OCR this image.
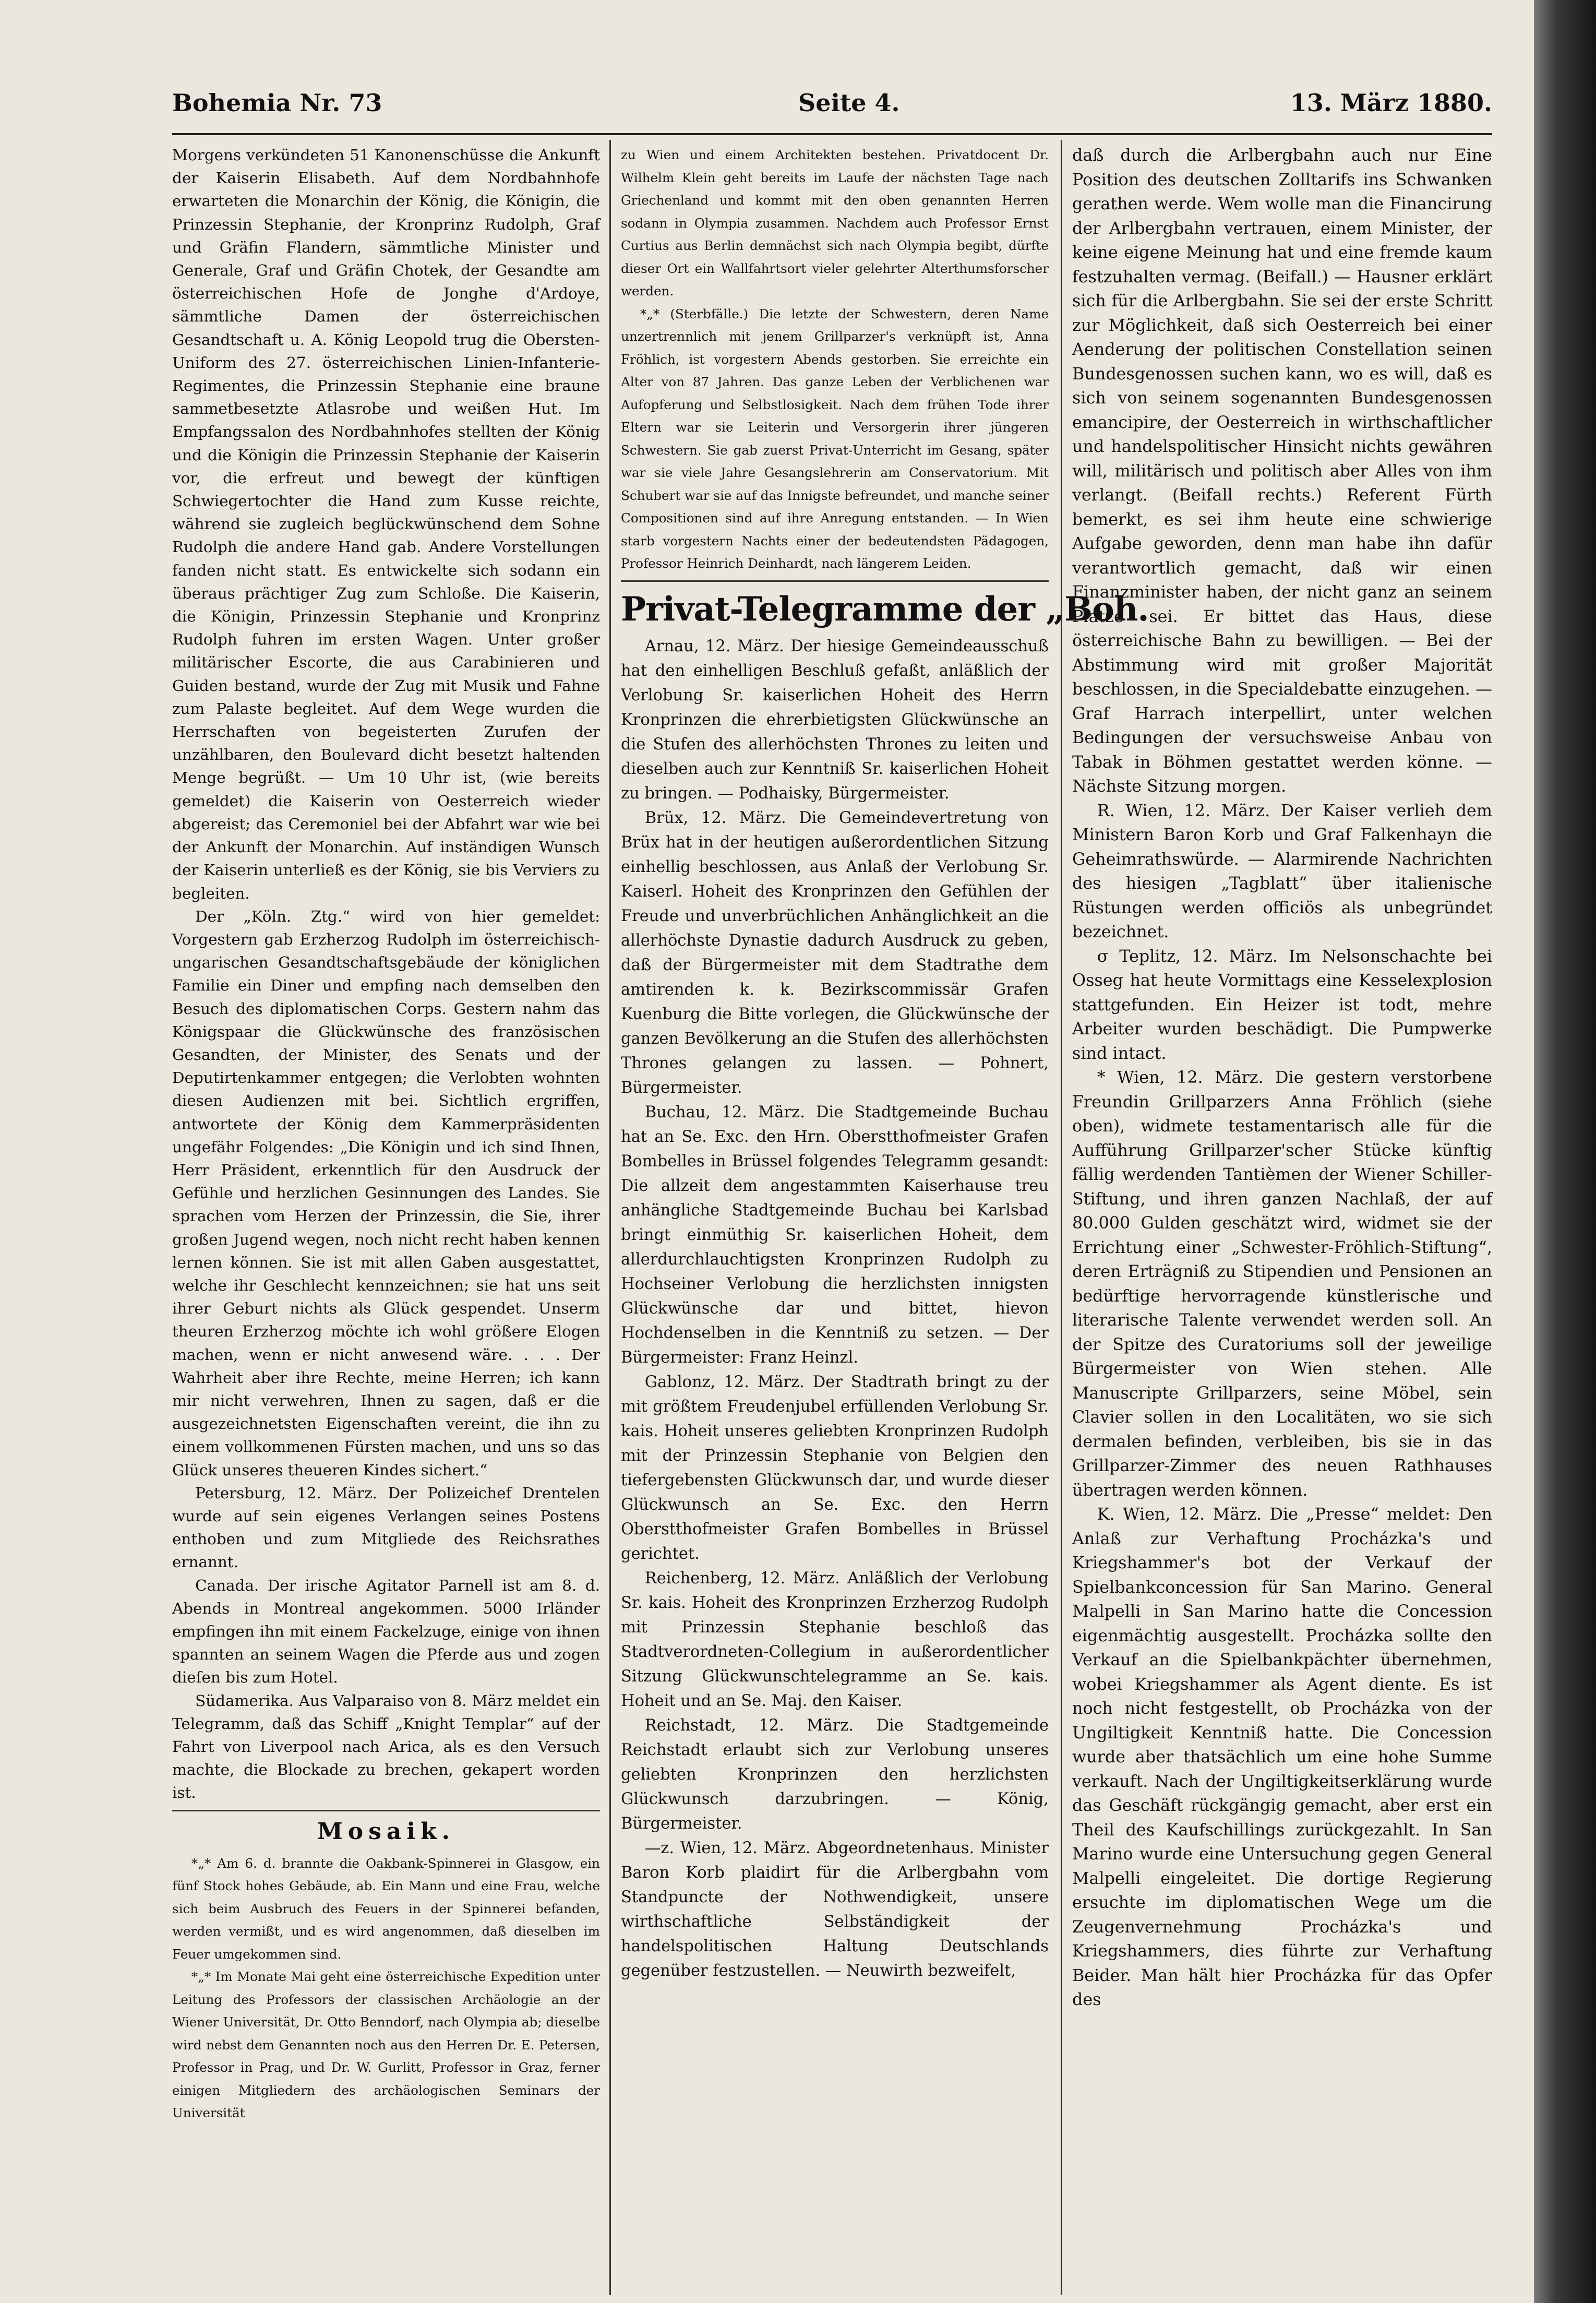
Bohemia Nr. 73	Seite 4.	13. März 1880.

Morgens verkündeten 51 Kanonenschüsse die Ankunft der Kaiserin Elisabeth. Auf dem Nordbahnhofe erwarteten die Monarchin der König, die Königin, die Prinzessin Stephanie, der Kronprinz Rudolph, Graf und Gräfin Flandern, sämmtliche Minister und Generale, Graf und Gräfin Chotek, der Gesandte am österreichischen Hofe de Jonghe d'Ardoye, sämmtliche Damen der österreichischen Gesandtschaft u. A. König Leopold trug die Obersten-Uniform des 27. österreichischen Linien-Infanterie-Regimentes, die Prinzessin Stephanie eine braune sammetbesetzte Atlasrobe und weißen Hut. Im Empfangssalon des Nordbahnhofes stellten der König und die Königin die Prinzessin Stephanie der Kaiserin vor, die erfreut und bewegt der künftigen Schwiegertochter die Hand zum Kusse reichte, während sie zugleich beglückwünschend dem Sohne Rudolph die andere Hand gab. Andere Vorstellungen fanden nicht statt. Es entwickelte sich sodann ein überaus prächtiger Zug zum Schloße. Die Kaiserin, die Königin, Prinzessin Stephanie und Kronprinz Rudolph fuhren im ersten Wagen. Unter großer militärischer Escorte, die aus Carabinieren und Guiden bestand, wurde der Zug mit Musik und Fahne zum Palaste begleitet. Auf dem Wege wurden die Herrschaften von begeisterten Zurufen der unzählbaren, den Boulevard dicht besetzt haltenden Menge begrüßt. — Um 10 Uhr ist, (wie bereits gemeldet) die Kaiserin von Oesterreich wieder abgereist; das Ceremoniel bei der Abfahrt war wie bei der Ankunft der Monarchin. Auf inständigen Wunsch der Kaiserin unterließ es der König, sie bis Verviers zu begleiten.

Der „Köln. Ztg.“ wird von hier gemeldet: Vorgestern gab Erzherzog Rudolph im österreichisch-ungarischen Gesandtschaftsgebäude der königlichen Familie ein Diner und empfing nach demselben den Besuch des diplomatischen Corps. Gestern nahm das Königspaar die Glückwünsche des französischen Gesandten, der Minister, des Senats und der Deputirtenkammer entgegen; die Verlobten wohnten diesen Audienzen mit bei. Sichtlich ergriffen, antwortete der König dem Kammerpräsidenten ungefähr Folgendes: „Die Königin und ich sind Ihnen, Herr Präsident, erkenntlich für den Ausdruck der Gefühle und herzlichen Gesinnungen des Landes. Sie sprachen vom Herzen der Prinzessin, die Sie, ihrer großen Jugend wegen, noch nicht recht haben kennen lernen können. Sie ist mit allen Gaben ausgestattet, welche ihr Geschlecht kennzeichnen; sie hat uns seit ihrer Geburt nichts als Glück gespendet. Unserm theuren Erzherzog möchte ich wohl größere Elogen machen, wenn er nicht anwesend wäre. . . . Der Wahrheit aber ihre Rechte, meine Herren; ich kann mir nicht verwehren, Ihnen zu sagen, daß er die ausgezeichnetsten Eigenschaften vereint, die ihn zu einem vollkommenen Fürsten machen, und uns so das Glück unseres theueren Kindes sichert.“

Petersburg, 12. März. Der Polizeichef Drentelen wurde auf sein eigenes Verlangen seines Postens enthoben und zum Mitgliede des Reichsrathes ernannt.

Canada. Der irische Agitator Parnell ist am 8. d. Abends in Montreal angekommen. 5000 Irländer empfingen ihn mit einem Fackelzuge, einige von ihnen spannten an seinem Wagen die Pferde aus und zogen dieſen bis zum Hotel.

Südamerika. Aus Valparaiso von 8. März meldet ein Telegramm, daß das Schiff „Knight Templar“ auf der Fahrt von Liverpool nach Arica, als es den Versuch machte, die Blockade zu brechen, gekapert worden ist.

Mosaik.

*„* Am 6. d. brannte die Oakbank-Spinnerei in Glasgow, ein fünf Stock hohes Gebäude, ab. Ein Mann und eine Frau, welche sich beim Ausbruch des Feuers in der Spinnerei befanden, werden vermißt, und es wird angenommen, daß dieselben im Feuer umgekommen sind.

*„* Im Monate Mai geht eine österreichische Expedition unter Leitung des Professors der classischen Archäologie an der Wiener Universität, Dr. Otto Benndorf, nach Olympia ab; dieselbe wird nebst dem Genannten noch aus den Herren Dr. E. Petersen, Professor in Prag, und Dr. W. Gurlitt, Professor in Graz, ferner einigen Mitgliedern des archäologischen Seminars der Universität

zu Wien und einem Architekten bestehen. Privatdocent Dr. Wilhelm Klein geht bereits im Laufe der nächsten Tage nach Griechenland und kommt mit den oben genannten Herren sodann in Olympia zusammen. Nachdem auch Professor Ernst Curtius aus Berlin demnächst sich nach Olympia begibt, dürfte dieser Ort ein Wallfahrtsort vieler gelehrter Alterthumsforscher werden.

*„* (Sterbfälle.) Die letzte der Schwestern, deren Name unzertrennlich mit jenem Grillparzer's verknüpft ist, Anna Fröhlich, ist vorgestern Abends gestorben. Sie erreichte ein Alter von 87 Jahren. Das ganze Leben der Verblichenen war Aufopferung und Selbstlosigkeit. Nach dem frühen Tode ihrer Eltern war sie Leiterin und Versorgerin ihrer jüngeren Schwestern. Sie gab zuerst Privat-Unterricht im Gesang, später war sie viele Jahre Gesangslehrerin am Conservatorium. Mit Schubert war sie auf das Innigste befreundet, und manche seiner Compositionen sind auf ihre Anregung entstanden. — In Wien starb vorgestern Nachts einer der bedeutendsten Pädagogen, Professor Heinrich Deinhardt, nach längerem Leiden.

Privat-Telegramme der „Boh.

Arnau, 12. März. Der hiesige Gemeindeausschuß hat den einhelligen Beschluß gefaßt, anläßlich der Verlobung Sr. kaiserlichen Hoheit des Herrn Kronprinzen die ehrerbietigsten Glückwünsche an die Stufen des allerhöchsten Thrones zu leiten und dieselben auch zur Kenntniß Sr. kaiserlichen Hoheit zu bringen. — Podhaisky, Bürgermeister.

Brüx, 12. März. Die Gemeindevertretung von Brüx hat in der heutigen außerordentlichen Sitzung einhellig beschlossen, aus Anlaß der Verlobung Sr. Kaiserl. Hoheit des Kronprinzen den Gefühlen der Freude und unverbrüchlichen Anhänglichkeit an die allerhöchste Dynastie dadurch Ausdruck zu geben, daß der Bürgermeister mit dem Stadtrathe dem amtirenden k. k. Bezirkscommissär Grafen Kuenburg die Bitte vorlegen, die Glückwünsche der ganzen Bevölkerung an die Stufen des allerhöchsten Thrones gelangen zu lassen. — Pohnert, Bürgermeister.

Buchau, 12. März. Die Stadtgemeinde Buchau hat an Se. Exc. den Hrn. Oberstthofmeister Grafen Bombelles in Brüssel folgendes Telegramm gesandt: Die allzeit dem angestammten Kaiserhause treu anhängliche Stadtgemeinde Buchau bei Karlsbad bringt einmüthig Sr. kaiserlichen Hoheit, dem allerdurchlauchtigsten Kronprinzen Rudolph zu Hochseiner Verlobung die herzlichsten innigsten Glückwünsche dar und bittet, hievon Hochdenselben in die Kenntniß zu setzen. — Der Bürgermeister: Franz Heinzl.

Gablonz, 12. März. Der Stadtrath bringt zu der mit größtem Freudenjubel erfüllenden Verlobung Sr. kais. Hoheit unseres geliebten Kronprinzen Rudolph mit der Prinzessin Stephanie von Belgien den tiefergebensten Glückwunsch dar, und wurde dieser Glückwunsch an Se. Exc. den Herrn Oberstthofmeister Grafen Bombelles in Brüssel gerichtet.

Reichenberg, 12. März. Anläßlich der Verlobung Sr. kais. Hoheit des Kronprinzen Erzherzog Rudolph mit Prinzessin Stephanie beschloß das Stadtverordneten-Collegium in außerordentlicher Sitzung Glückwunschtelegramme an Se. kais. Hoheit und an Se. Maj. den Kaiser.

Reichstadt, 12. März. Die Stadtgemeinde Reichstadt erlaubt sich zur Verlobung unseres geliebten Kronprinzen den herzlichsten Glückwunsch darzubringen. — König, Bürgermeister.

—z. Wien, 12. März. Abgeordnetenhaus. Minister Baron Korb plaidirt für die Arlbergbahn vom Standpuncte der Nothwendigkeit, unsere wirthschaftliche Selbständigkeit der handelspolitischen Haltung Deutschlands gegenüber festzustellen. — Neuwirth bezweifelt,

daß durch die Arlbergbahn auch nur Eine Position des deutschen Zolltarifs ins Schwanken gerathen werde. Wem wolle man die Financirung der Arlbergbahn vertrauen, einem Minister, der keine eigene Meinung hat und eine fremde kaum festzuhalten vermag. (Beifall.) — Hausner erklärt sich für die Arlbergbahn. Sie sei der erste Schritt zur Möglichkeit, daß sich Oesterreich bei einer Aenderung der politischen Constellation seinen Bundesgenossen suchen kann, wo es will, daß es sich von seinem sogenannten Bundesgenossen emancipire, der Oesterreich in wirthschaftlicher und handelspolitischer Hinsicht nichts gewähren will, militärisch und politisch aber Alles von ihm verlangt. (Beifall rechts.) Referent Fürth bemerkt, es sei ihm heute eine schwierige Aufgabe geworden, denn man habe ihn dafür verantwortlich gemacht, daß wir einen Finanzminister haben, der nicht ganz an seinem Platze sei. Er bittet das Haus, diese österreichische Bahn zu bewilligen. — Bei der Abstimmung wird mit großer Majorität beschlossen, in die Specialdebatte einzugehen. — Graf Harrach interpellirt, unter welchen Bedingungen der versuchsweise Anbau von Tabak in Böhmen gestattet werden könne. — Nächste Sitzung morgen.

R. Wien, 12. März. Der Kaiser verlieh dem Ministern Baron Korb und Graf Falkenhayn die Geheimrathswürde. — Alarmirende Nachrichten des hiesigen „Tagblatt“ über italienische Rüstungen werden officiös als unbegründet bezeichnet.

σ Teplitz, 12. März. Im Nelsonschachte bei Osseg hat heute Vormittags eine Kesselexplosion stattgefunden. Ein Heizer ist todt, mehre Arbeiter wurden beschädigt. Die Pumpwerke sind intact.

* Wien, 12. März. Die gestern verstorbene Freundin Grillparzers Anna Fröhlich (siehe oben), widmete testamentarisch alle für die Aufführung Grillparzer'scher Stücke künftig fällig werdenden Tantièmen der Wiener Schiller-Stiftung, und ihren ganzen Nachlaß, der auf 80.000 Gulden geschätzt wird, widmet sie der Errichtung einer „Schwester-Fröhlich-Stiftung“, deren Erträgniß zu Stipendien und Pensionen an bedürftige hervorragende künstlerische und literarische Talente verwendet werden soll. An der Spitze des Curatoriums soll der jeweilige Bürgermeister von Wien stehen. Alle Manuscripte Grillparzers, seine Möbel, sein Clavier sollen in den Localitäten, wo sie sich dermalen befinden, verbleiben, bis sie in das Grillparzer-Zimmer des neuen Rathhauses übertragen werden können.

K. Wien, 12. März. Die „Presse“ meldet: Den Anlaß zur Verhaftung Procházka's und Kriegshammer's bot der Verkauf der Spielbankconcession für San Marino. General Malpelli in San Marino hatte die Concession eigenmächtig ausgestellt. Procházka sollte den Verkauf an die Spielbankpächter übernehmen, wobei Kriegshammer als Agent diente. Es ist noch nicht festgestellt, ob Procházka von der Ungiltigkeit Kenntniß hatte. Die Concession wurde aber thatsächlich um eine hohe Summe verkauft. Nach der Ungiltigkeitserklärung wurde das Geschäft rückgängig gemacht, aber erst ein Theil des Kaufschillings zurückgezahlt. In San Marino wurde eine Untersuchung gegen General Malpelli eingeleitet. Die dortige Regierung ersuchte im diplomatischen Wege um die Zeugenvernehmung Procházka's und Kriegshammers, dies führte zur Verhaftung Beider. Man hält hier Procházka für das Opfer des
